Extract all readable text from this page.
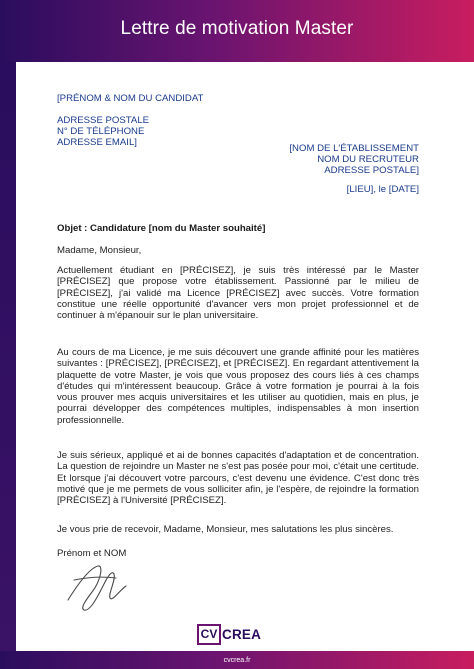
Lettre de motivation Master
[PRÉNOM & NOM DU CANDIDAT
ADRESSE POSTALE
N° DE TÉLÉPHONE
ADRESSE EMAIL]
[NOM DE L'ÉTABLISSEMENT
NOM DU RECRUTEUR
ADRESSE POSTALE]
[LIEU], le [DATE]
Objet : Candidature [nom du Master souhaité]
Madame, Monsieur,
Actuellement étudiant en [PRÉCISEZ], je suis très intéressé par le Master [PRÉCISEZ] que propose votre établissement. Passionné par le milieu de [PRÉCISEZ], j'ai validé ma Licence [PRÉCISEZ] avec succès. Votre formation constitue une réelle opportunité d'avancer vers mon projet professionnel et de continuer à m'épanouir sur le plan universitaire.
Au cours de ma Licence, je me suis découvert une grande affinité pour les matières suivantes : [PRÉCISEZ], [PRÉCISEZ], et [PRÉCISEZ]. En regardant attentivement la plaquette de votre Master, je vois que vous proposez des cours liés à ces champs d'études qui m'intéressent beaucoup. Grâce à votre formation je pourrai à la fois vous prouver mes acquis universitaires et les utiliser au quotidien, mais en plus, je pourrai développer des compétences multiples, indispensables à mon insertion professionnelle.
Je suis sérieux, appliqué et ai de bonnes capacités d'adaptation et de concentration. La question de rejoindre un Master ne s'est pas posée pour moi, c'était une certitude. Et lorsque j'ai découvert votre parcours, c'est devenu une évidence. C'est donc très motivé que je me permets de vous solliciter afin, je l'espère, de rejoindre la formation [PRÉCISEZ] à l'Université [PRÉCISEZ].
Je vous prie de recevoir, Madame, Monsieur, mes salutations les plus sincères.
Prénom et NOM
CV CREA
cvcrea.fr
